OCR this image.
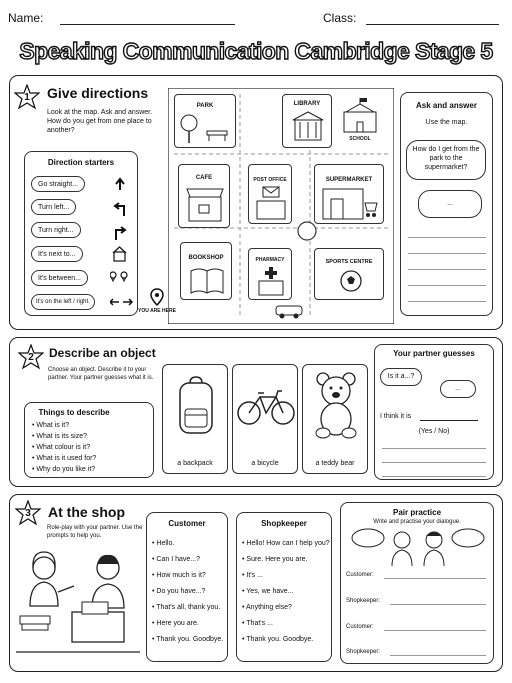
Name:	Class:
Speaking Communication Cambridge Stage 5
1	Give directions
Look at the map. Ask and answer. How do you get from one place to another?
Direction starters
Go straight...
Turn left...
Turn right...
It's next to...
It's between...
It's on the left / right.
PARK	LIBRARY
SCHOOL
CAFE	POST OFFICE	SUPERMARKET
BOOKSHOP	PHARMACY	SPORTS CENTRE
YOU ARE HERE
Ask and answer
Use the map.
How do I get from the park to the supermarket?
...
2	Describe an object
Choose an object. Describe it to your partner. Your partner guesses what it is.
Things to describe
• What is it?
• What is its size?
• What colour is it?
• What is it used for?
• Why do you like it?
a backpack	a bicycle	a teddy bear
Your partner guesses
Is it a...?
...
I think it is
(Yes / No)
3	At the shop
Role-play with your partner. Use the prompts to help you.
Customer
• Hello.
• Can I have...?
• How much is it?
• Do you have...?
• That's all, thank you.
• Here you are.
• Thank you. Goodbye.
Shopkeeper
• Hello! How can I help you?
• Sure. Here you are.
• It's ...
• Yes, we have...
• Anything else?
• That's ...
• Thank you. Goodbye.
Pair practice
Write and practise your dialogue.
Customer:
Shopkeeper:
Customer:
Shopkeeper:
